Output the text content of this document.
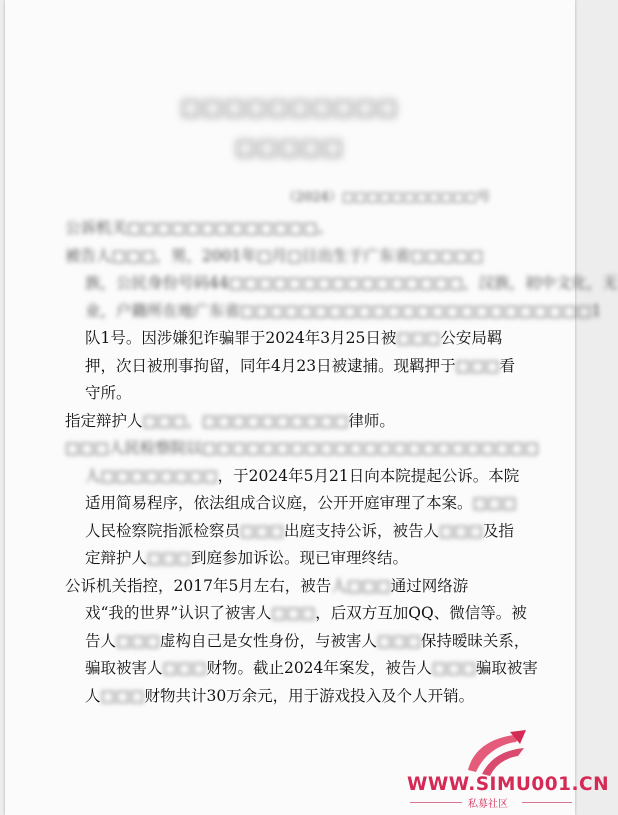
□□□□□□□□□□
□□□□□
（2024）□□□□□□□□□□□号
公诉机关□□□□□□□□□□□□□。
被告人□□□，男，2001年□月□日出生于广东省□□□□□
族，公民身份号码44□□□□□□□□□□□□□□□□，汉族，初中文化，无
业，户籍所在地广东省□□□□□□□□□□□□□□□□□□□□□□□□1
队1号。因涉嫌犯诈骗罪于2024年3月25日被□□□公安局羁
押，次日被刑事拘留，同年4月23日被逮捕。现羁押于□□□看
守所。
指定辩护人□□□，□□□□□□□□□□律师。
□□□人民检察院以□□□□□□□□□□□□□□□□□□□□□□□
人□□□□□□□□，于2024年5月21日向本院提起公诉。本院
适用简易程序，依法组成合议庭，公开开庭审理了本案。□□□
人民检察院指派检察员□□□出庭支持公诉，被告人□□□及指
定辩护人□□□到庭参加诉讼。现已审理终结。
公诉机关指控，2017年5月左右，被告人□□□通过网络游
戏“我的世界”认识了被害人□□□，后双方互加QQ、微信等。被
告人□□□虚构自己是女性身份，与被害人□□□保持暧昧关系，
骗取被害人□□□财物。截止2024年案发，被告人□□□骗取被害
人□□□财物共计30万余元，用于游戏投入及个人开销。
WWW.SIMU001.CN
私募社区
